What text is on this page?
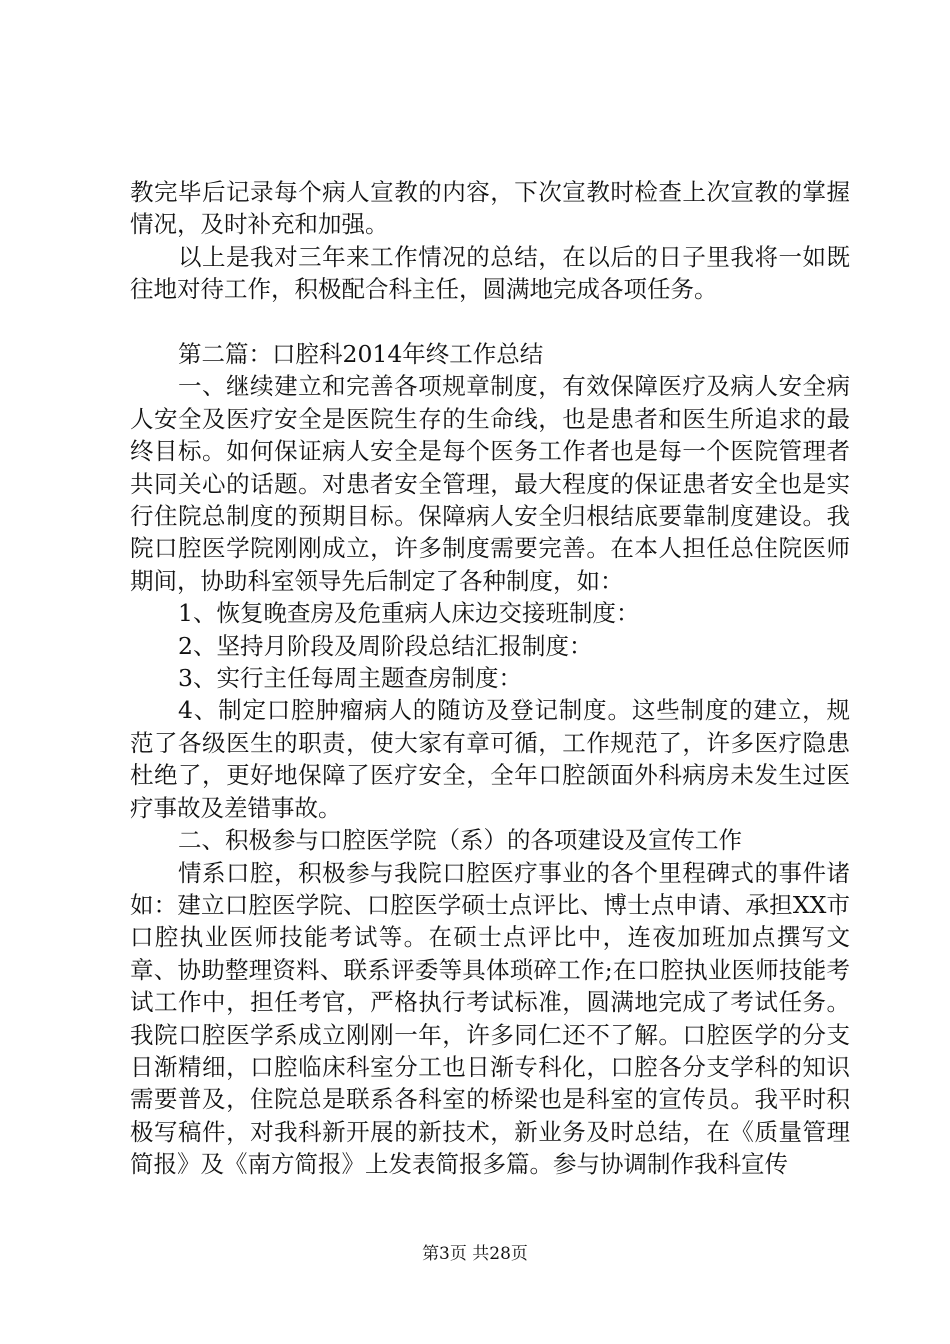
教完毕后记录每个病人宣教的内容，下次宣教时检查上次宣教的掌握情况，及时补充和加强。

以上是我对三年来工作情况的总结，在以后的日子里我将一如既往地对待工作，积极配合科主任，圆满地完成各项任务。

第二篇：口腔科2014年终工作总结

一、继续建立和完善各项规章制度，有效保障医疗及病人安全病人安全及医疗安全是医院生存的生命线，也是患者和医生所追求的最终目标。如何保证病人安全是每个医务工作者也是每一个医院管理者共同关心的话题。对患者安全管理，最大程度的保证患者安全也是实行住院总制度的预期目标。保障病人安全归根结底要靠制度建设。我院口腔医学院刚刚成立，许多制度需要完善。在本人担任总住院医师期间，协助科室领导先后制定了各种制度，如：

1、恢复晚查房及危重病人床边交接班制度：

2、坚持月阶段及周阶段总结汇报制度：

3、实行主任每周主题查房制度：

4、制定口腔肿瘤病人的随访及登记制度。这些制度的建立，规范了各级医生的职责，使大家有章可循，工作规范了，许多医疗隐患杜绝了，更好地保障了医疗安全，全年口腔颌面外科病房未发生过医疗事故及差错事故。

二、积极参与口腔医学院（系）的各项建设及宣传工作

情系口腔，积极参与我院口腔医疗事业的各个里程碑式的事件诸如：建立口腔医学院、口腔医学硕士点评比、博士点申请、承担XX市口腔执业医师技能考试等。在硕士点评比中，连夜加班加点撰写文章、协助整理资料、联系评委等具体琐碎工作;在口腔执业医师技能考试工作中，担任考官，严格执行考试标准，圆满地完成了考试任务。我院口腔医学系成立刚刚一年，许多同仁还不了解。口腔医学的分支日渐精细，口腔临床科室分工也日渐专科化，口腔各分支学科的知识需要普及，住院总是联系各科室的桥梁也是科室的宣传员。我平时积极写稿件，对我科新开展的新技术，新业务及时总结，在《质量管理简报》及《南方简报》上发表简报多篇。参与协调制作我科宣传

第3页 共28页
